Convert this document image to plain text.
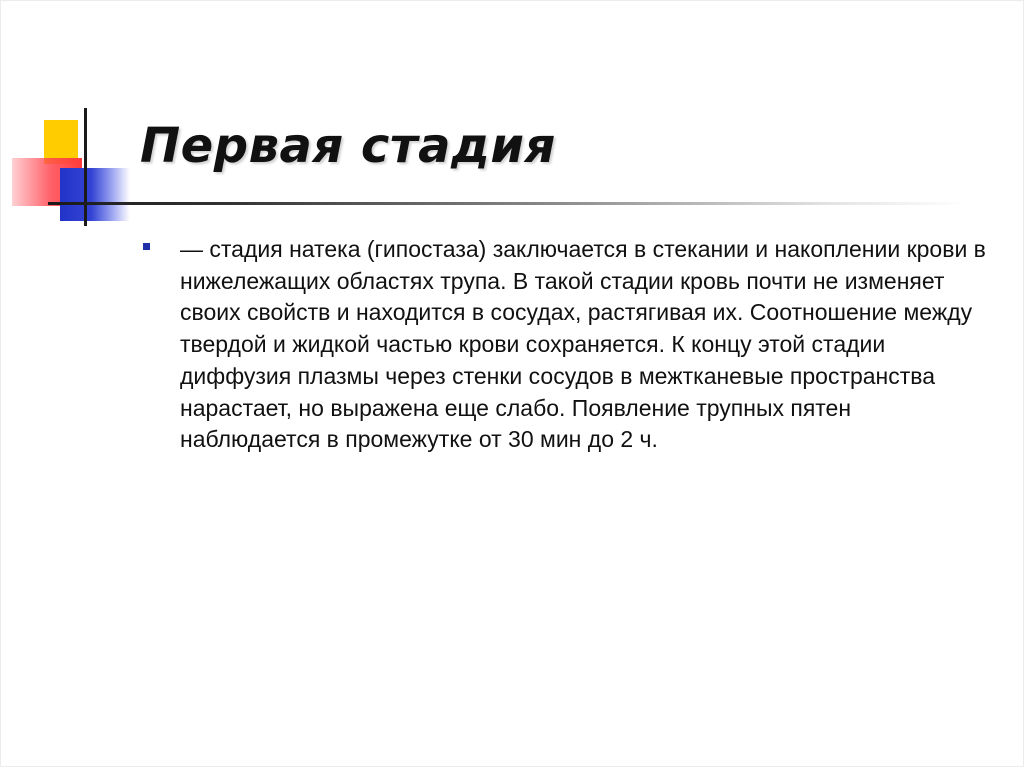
Первая стадия

— стадия натека (гипостаза) заключается в стекании и накоплении крови в нижележащих областях трупа. В такой стадии кровь почти не изменяет своих свойств и находится в сосудах, растягивая их. Соотношение между твердой и жидкой частью крови сохраняется. К концу этой стадии диффузия плазмы через стенки сосудов в межтканевые пространства нарастает, но выражена еще слабо. Появление трупных пятен наблюдается в промежутке от 30 мин до 2 ч.
